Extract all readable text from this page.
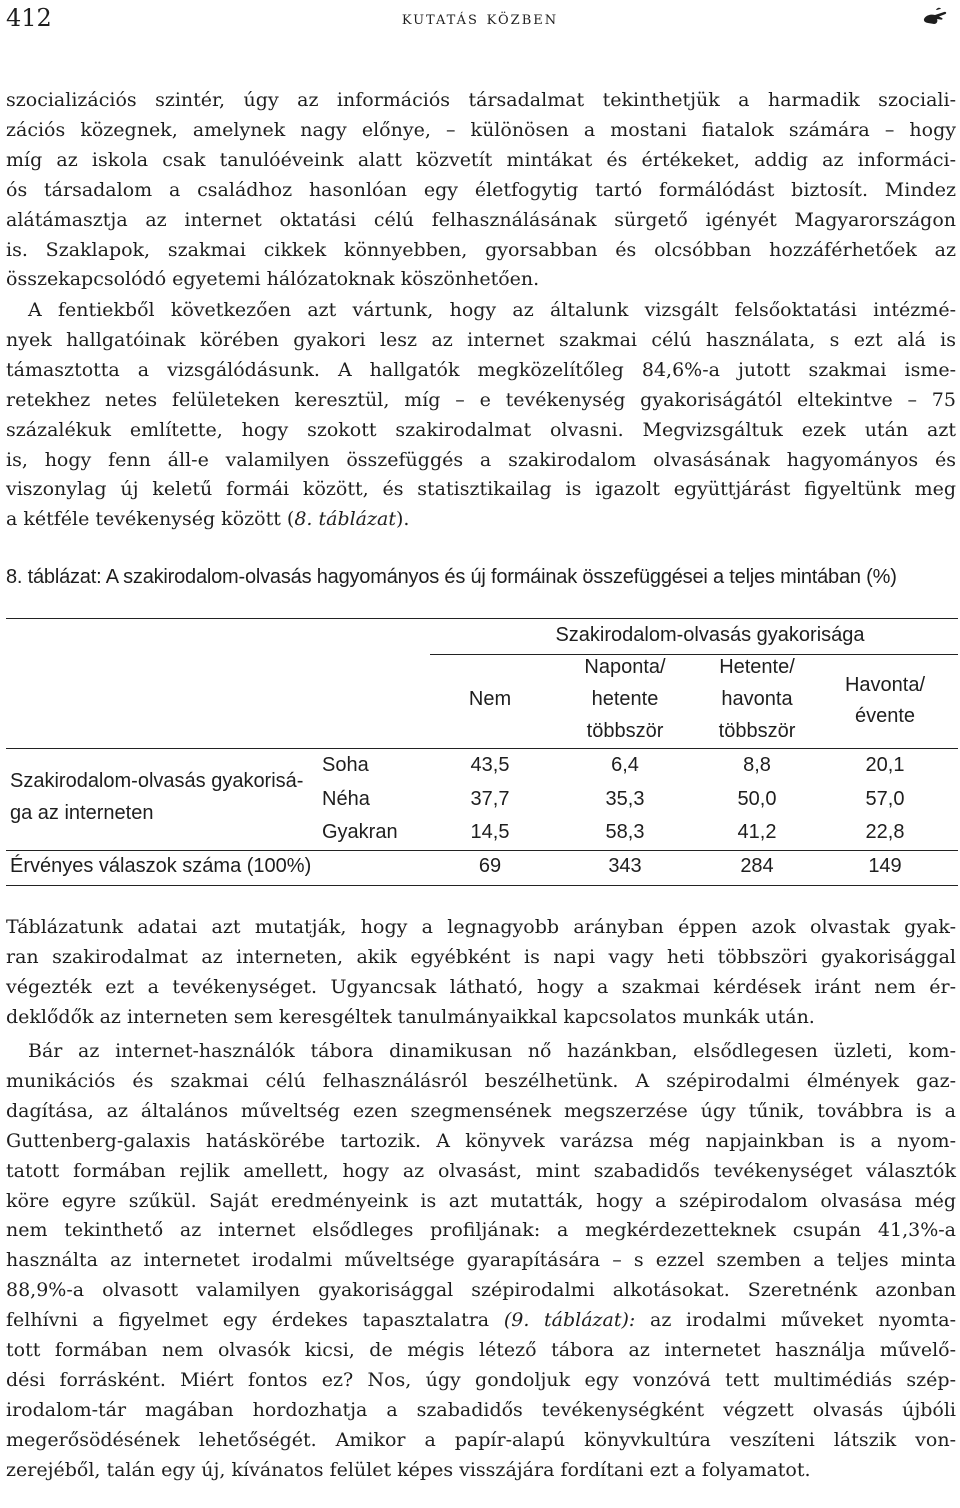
412	kutatás közben
szocializációs szintér, úgy az információs társadalmat tekinthetjük a harmadik szociali-
zációs közegnek, amelynek nagy előnye, – különösen a mostani fiatalok számára – hogy
míg az iskola csak tanulóéveink alatt közvetít mintákat és értékeket, addig az informáci-
ós társadalom a családhoz hasonlóan egy életfogytig tartó formálódást biztosít. Mindez
alátámasztja az internet oktatási célú felhasználásának sürgető igényét Magyarországon
is. Szaklapok, szakmai cikkek könnyebben, gyorsabban és olcsóbban hozzáférhetőek az
összekapcsolódó egyetemi hálózatoknak köszönhetően.
A fentiekből következően azt vártunk, hogy az általunk vizsgált felsőoktatási intézmé-
nyek hallgatóinak körében gyakori lesz az internet szakmai célú használata, s ezt alá is
támasztotta a vizsgálódásunk. A hallgatók megközelítőleg 84,6%-a jutott szakmai isme-
retekhez netes felületeken keresztül, míg – e tevékenység gyakoriságától eltekintve – 75
százalékuk említette, hogy szokott szakirodalmat olvasni. Megvizsgáltuk ezek után azt
is, hogy fenn áll-e valamilyen összefüggés a szakirodalom olvasásának hagyományos és
viszonylag új keletű formái között, és statisztikailag is igazolt együttjárást figyeltünk meg
a kétféle tevékenység között (8. táblázat).
8. táblázat: A szakirodalom-olvasás hagyományos és új formáinak összefüggései a teljes mintában (%)
Szakirodalom-olvasás gyakorisága
Nem
Naponta/
hetente
többször
Hetente/
havonta
többször
Havonta/
évente
Szakirodalom-olvasás gyakorisá-
ga az interneten
Soha	43,5	6,4	8,8	20,1
Néha	37,7	35,3	50,0	57,0
Gyakran	14,5	58,3	41,2	22,8
Érvényes válaszok száma (100%)	69	343	284	149
Táblázatunk adatai azt mutatják, hogy a legnagyobb arányban éppen azok olvastak gyak-
ran szakirodalmat az interneten, akik egyébként is napi vagy heti többszöri gyakorisággal
végezték ezt a tevékenységet. Ugyancsak látható, hogy a szakmai kérdések iránt nem ér-
deklődők az interneten sem keresgéltek tanulmányaikkal kapcsolatos munkák után.
Bár az internet-használók tábora dinamikusan nő hazánkban, elsődlegesen üzleti, kom-
munikációs és szakmai célú felhasználásról beszélhetünk. A szépirodalmi élmények gaz-
dagítása, az általános műveltség ezen szegmensének megszerzése úgy tűnik, továbbra is a
Guttenberg-galaxis hatáskörébe tartozik. A könyvek varázsa még napjainkban is a nyom-
tatott formában rejlik amellett, hogy az olvasást, mint szabadidős tevékenységet választók
köre egyre szűkül. Saját eredményeink is azt mutatták, hogy a szépirodalom olvasása még
nem tekinthető az internet elsődleges profiljának: a megkérdezetteknek csupán 41,3%-a
használta az internetet irodalmi műveltsége gyarapítására – s ezzel szemben a teljes minta
88,9%-a olvasott valamilyen gyakorisággal szépirodalmi alkotásokat. Szeretnénk azonban
felhívni a figyelmet egy érdekes tapasztalatra (9. táblázat): az irodalmi műveket nyomta-
tott formában nem olvasók kicsi, de mégis létező tábora az internetet használja művelő-
dési forrásként. Miért fontos ez? Nos, úgy gondoljuk egy vonzóvá tett multimédiás szép-
irodalom-tár magában hordozhatja a szabadidős tevékenységként végzett olvasás újbóli
megerősödésének lehetőségét. Amikor a papír-alapú könyvkultúra veszíteni látszik von-
zerejéből, talán egy új, kívánatos felület képes visszájára fordítani ezt a folyamatot.
